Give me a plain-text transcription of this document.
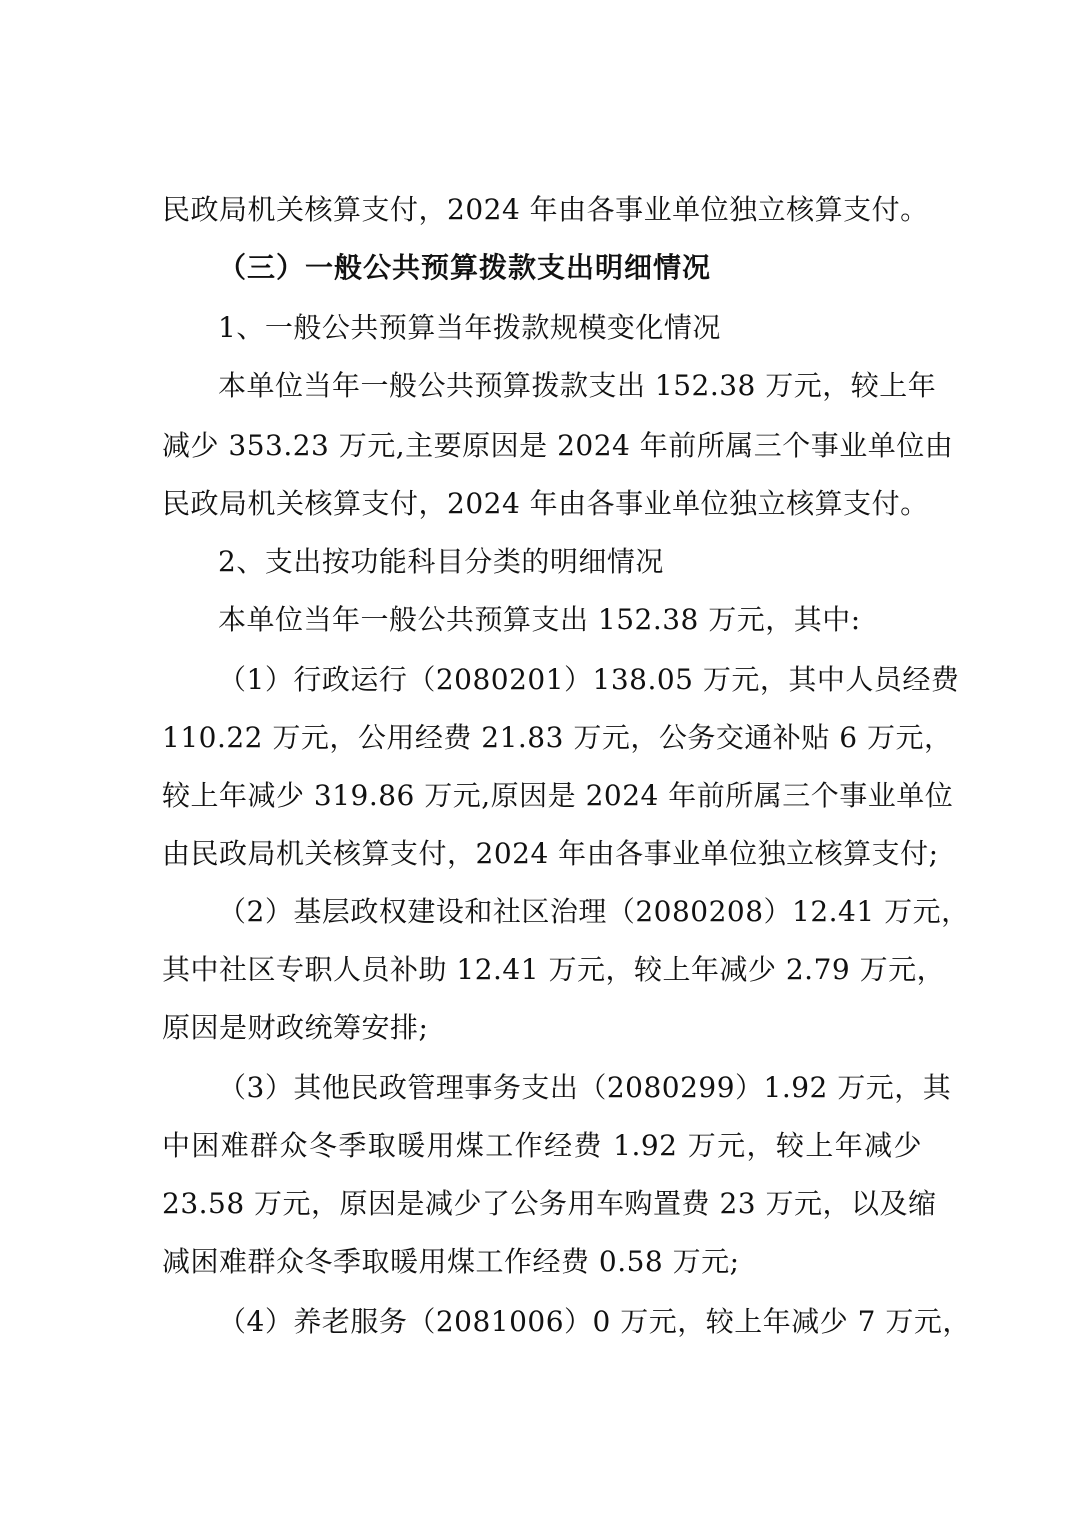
民政局机关核算支付，2024 年由各事业单位独立核算支付。
（三）一般公共预算拨款支出明细情况
1、一般公共预算当年拨款规模变化情况
本单位当年一般公共预算拨款支出 152.38 万元，较上年
减少 353.23 万元,主要原因是 2024 年前所属三个事业单位由
民政局机关核算支付，2024 年由各事业单位独立核算支付。
2、支出按功能科目分类的明细情况
本单位当年一般公共预算支出 152.38 万元，其中:
（1）行政运行（2080201）138.05 万元，其中人员经费
110.22 万元，公用经费 21.83 万元，公务交通补贴 6 万元，
较上年减少 319.86 万元,原因是 2024 年前所属三个事业单位
由民政局机关核算支付，2024 年由各事业单位独立核算支付;
（2）基层政权建设和社区治理（2080208）12.41 万元，
其中社区专职人员补助 12.41 万元，较上年减少 2.79 万元，
原因是财政统筹安排;
（3）其他民政管理事务支出（2080299）1.92 万元，其
中困难群众冬季取暖用煤工作经费 1.92 万元，较上年减少
23.58 万元，原因是减少了公务用车购置费 23 万元，以及缩
减困难群众冬季取暖用煤工作经费 0.58 万元;
（4）养老服务（2081006）0 万元，较上年减少 7 万元，
